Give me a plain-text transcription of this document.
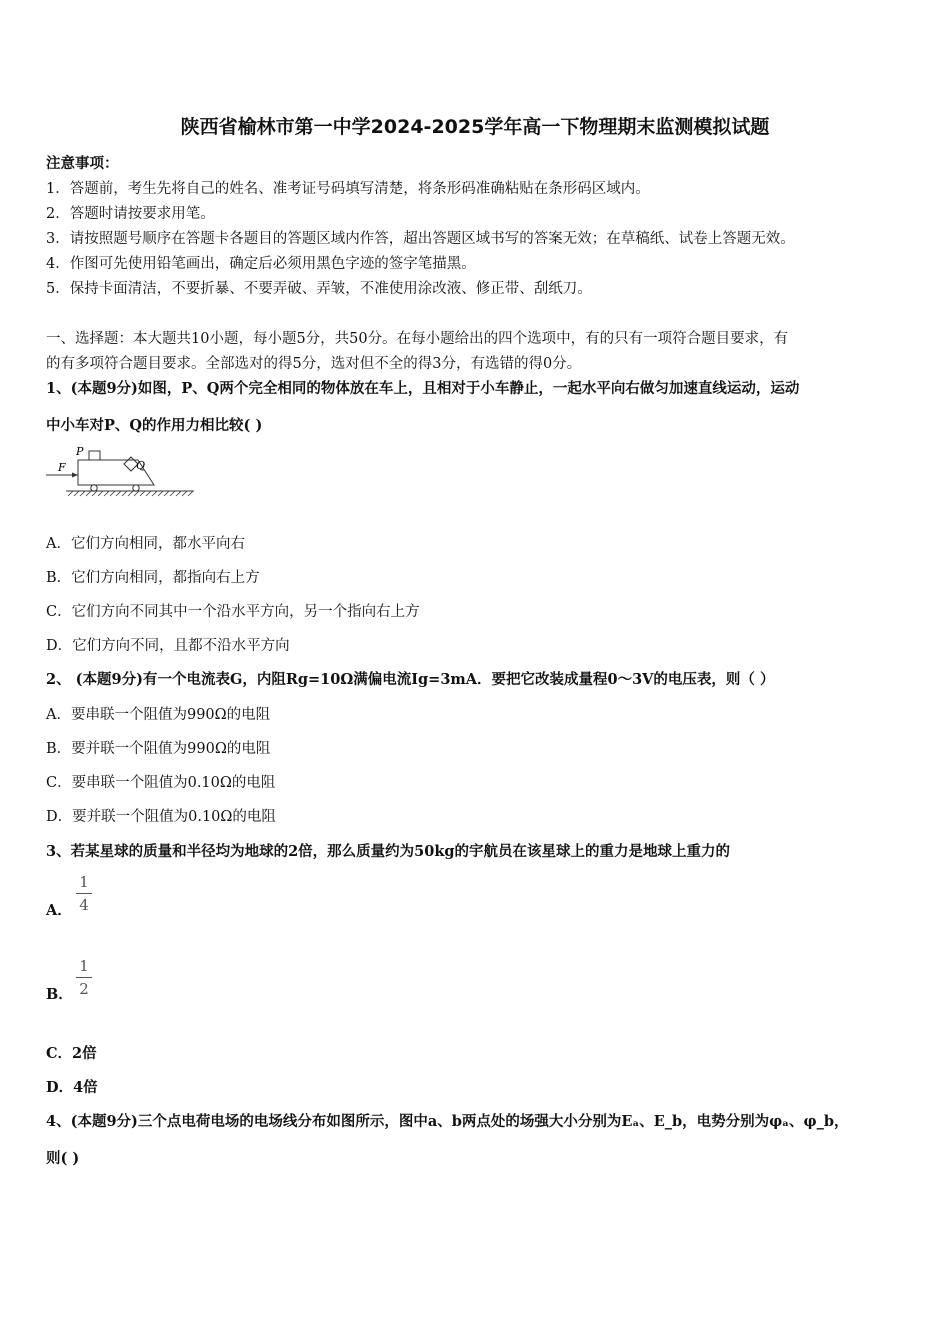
陕西省榆林市第一中学2024-2025学年高一下物理期末监测模拟试题
注意事项：
1．答题前，考生先将自己的姓名、准考证号码填写清楚，将条形码准确粘贴在条形码区域内。
2．答题时请按要求用笔。
3．请按照题号顺序在答题卡各题目的答题区域内作答，超出答题区域书写的答案无效；在草稿纸、试卷上答题无效。
4．作图可先使用铅笔画出，确定后必须用黑色字迹的签字笔描黑。
5．保持卡面清洁，不要折暴、不要弄破、弄皱，不准使用涂改液、修正带、刮纸刀。
一、选择题：本大题共10小题，每小题5分，共50分。在每小题给出的四个选项中，有的只有一项符合题目要求，有
的有多项符合题目要求。全部选对的得5分，选对但不全的得3分，有选错的得0分。
1、(本题9分)如图，P、Q两个完全相同的物体放在车上，且相对于小车静止，一起水平向右做匀加速直线运动，运动
中小车对P、Q的作用力相比较( )
F
P
Q
A．它们方向相同，都水平向右
B．它们方向相同，都指向右上方
C．它们方向不同其中一个沿水平方向，另一个指向右上方
D．它们方向不同，且都不沿水平方向
2、 (本题9分)有一个电流表G，内阻Rg=10Ω满偏电流Ig=3mA．要把它改装成量程0～3V的电压表，则（ ）
A．要串联一个阻值为990Ω的电阻
B．要并联一个阻值为990Ω的电阻
C．要串联一个阻值为0.10Ω的电阻
D．要并联一个阻值为0.10Ω的电阻
3、若某星球的质量和半径均为地球的2倍，那么质量约为50kg的宇航员在该星球上的重力是地球上重力的
A．
1
4
B．
1
2
C．2倍
D．4倍
4、(本题9分)三个点电荷电场的电场线分布如图所示，图中a、b两点处的场强大小分别为Eₐ、E_b，电势分别为φₐ、φ_b，
则( )
